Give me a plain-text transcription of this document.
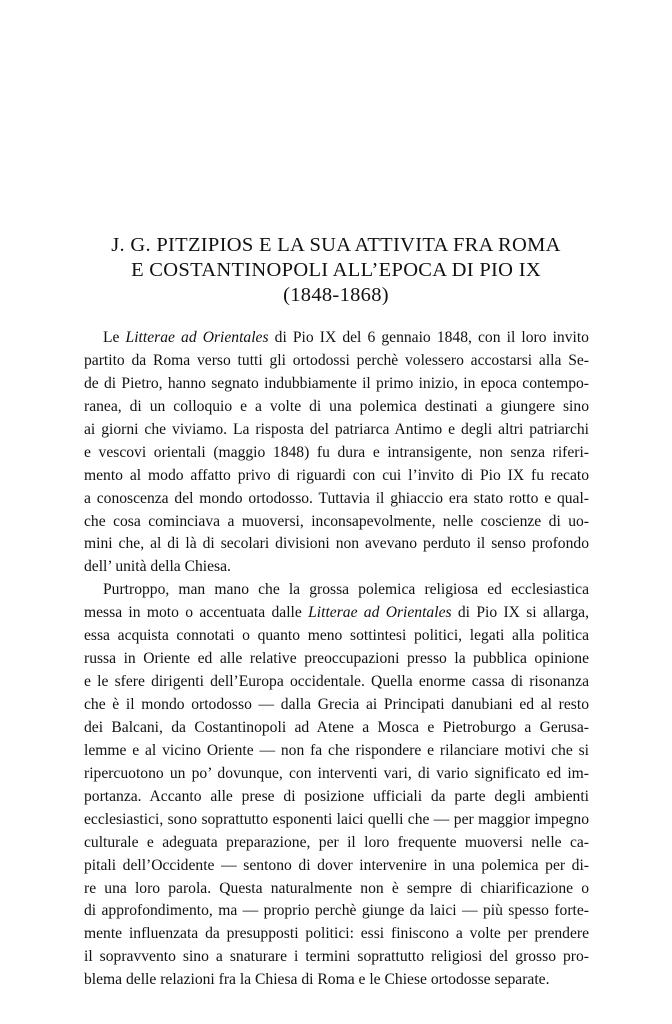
J. G. PITZIPIOS E LA SUA ATTIVITA FRA ROMA
E COSTANTINOPOLI ALL’EPOCA DI PIO IX
(1848-1868)
Le Litterae ad Orientales di Pio IX del 6 gennaio 1848, con il loro invito
partito da Roma verso tutti gli ortodossi perchè volessero accostarsi alla Se-
de di Pietro, hanno segnato indubbiamente il primo inizio, in epoca contempo-
ranea, di un colloquio e a volte di una polemica destinati a giungere sino
ai giorni che viviamo. La risposta del patriarca Antimo e degli altri patriarchi
e vescovi orientali (maggio 1848) fu dura e intransigente, non senza riferi-
mento al modo affatto privo di riguardi con cui l’invito di Pio IX fu recato
a conoscenza del mondo ortodosso. Tuttavia il ghiaccio era stato rotto e qual-
che cosa cominciava a muoversi, inconsapevolmente, nelle coscienze di uo-
mini che, al di là di secolari divisioni non avevano perduto il senso profondo
dell’ unità della Chiesa.
Purtroppo, man mano che la grossa polemica religiosa ed ecclesiastica
messa in moto o accentuata dalle Litterae ad Orientales di Pio IX si allarga,
essa acquista connotati o quanto meno sottintesi politici, legati alla politica
russa in Oriente ed alle relative preoccupazioni presso la pubblica opinione
e le sfere dirigenti dell’Europa occidentale. Quella enorme cassa di risonanza
che è il mondo ortodosso — dalla Grecia ai Principati danubiani ed al resto
dei Balcani, da Costantinopoli ad Atene a Mosca e Pietroburgo a Gerusa-
lemme e al vicino Oriente — non fa che rispondere e rilanciare motivi che si
ripercuotono un po’ dovunque, con interventi vari, di vario significato ed im-
portanza. Accanto alle prese di posizione ufficiali da parte degli ambienti
ecclesiastici, sono soprattutto esponenti laici quelli che — per maggior impegno
culturale e adeguata preparazione, per il loro frequente muoversi nelle ca-
pitali dell’Occidente — sentono di dover intervenire in una polemica per di-
re una loro parola. Questa naturalmente non è sempre di chiarificazione o
di approfondimento, ma — proprio perchè giunge da laici — più spesso forte-
mente influenzata da presupposti politici: essi finiscono a volte per prendere
il sopravvento sino a snaturare i termini soprattutto religiosi del grosso pro-
blema delle relazioni fra la Chiesa di Roma e le Chiese ortodosse separate.
